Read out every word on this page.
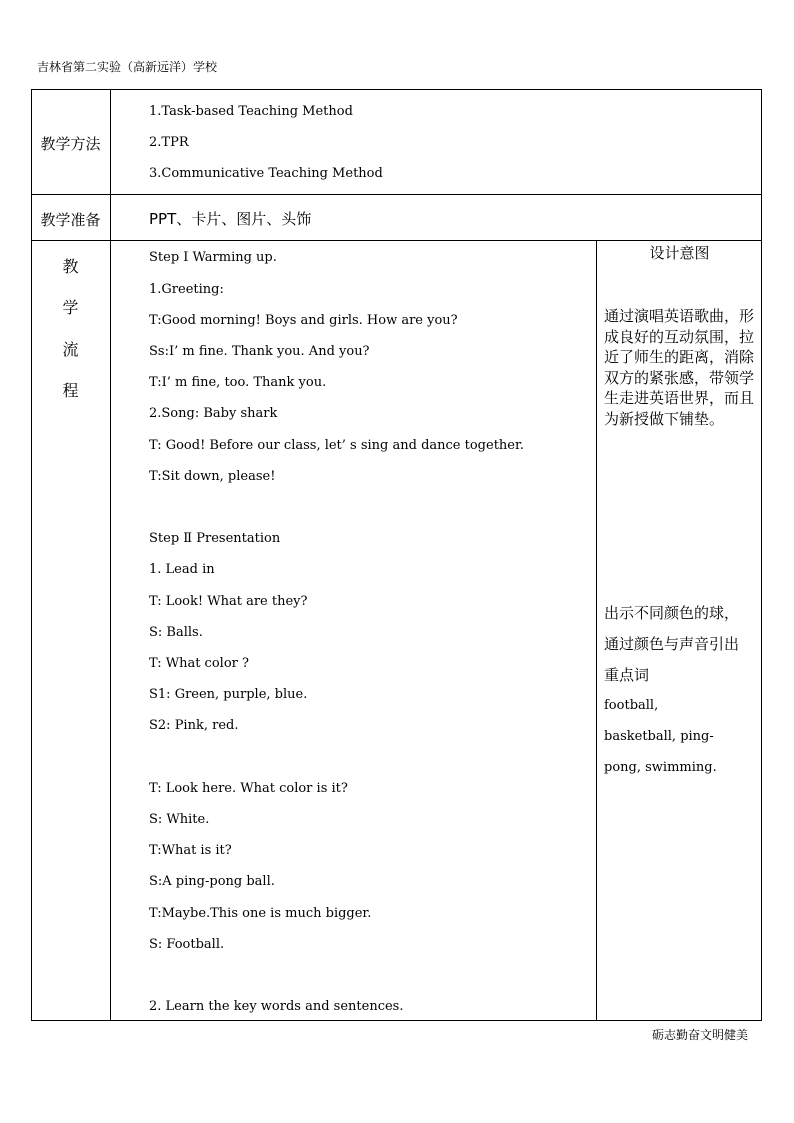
吉林省第二实验（高新远洋）学校
教学方法
1.Task-based Teaching Method
2.TPR
3.Communicative Teaching Method
教学准备	PPT、卡片、图片、头饰
教
学
流
程
Step Ⅰ Warming up.
1.Greeting:
T:Good morning! Boys and girls. How are you?
Ss:I’ m fine. Thank you. And you?
T:I’ m fine, too. Thank you.
2.Song: Baby shark
T: Good! Before our class, let’ s sing and dance together.
T:Sit down, please!
Step Ⅱ Presentation
1. Lead in
T: Look! What are they?
S: Balls.
T: What color ?
S1: Green, purple, blue.
S2: Pink, red.
T: Look here. What color is it?
S: White.
T:What is it?
S:A ping-pong ball.
T:Maybe.This one is much bigger.
S: Football.
2. Learn the key words and sentences.
设计意图
通过演唱英语歌曲，形成良好的互动氛围，拉近了师生的距离，消除双方的紧张感，带领学生走进英语世界，而且为新授做下铺垫。
出示不同颜色的球，
通过颜色与声音引出
重点词
football,
basketball, ping-
pong, swimming.
砺志勤奋文明健美
